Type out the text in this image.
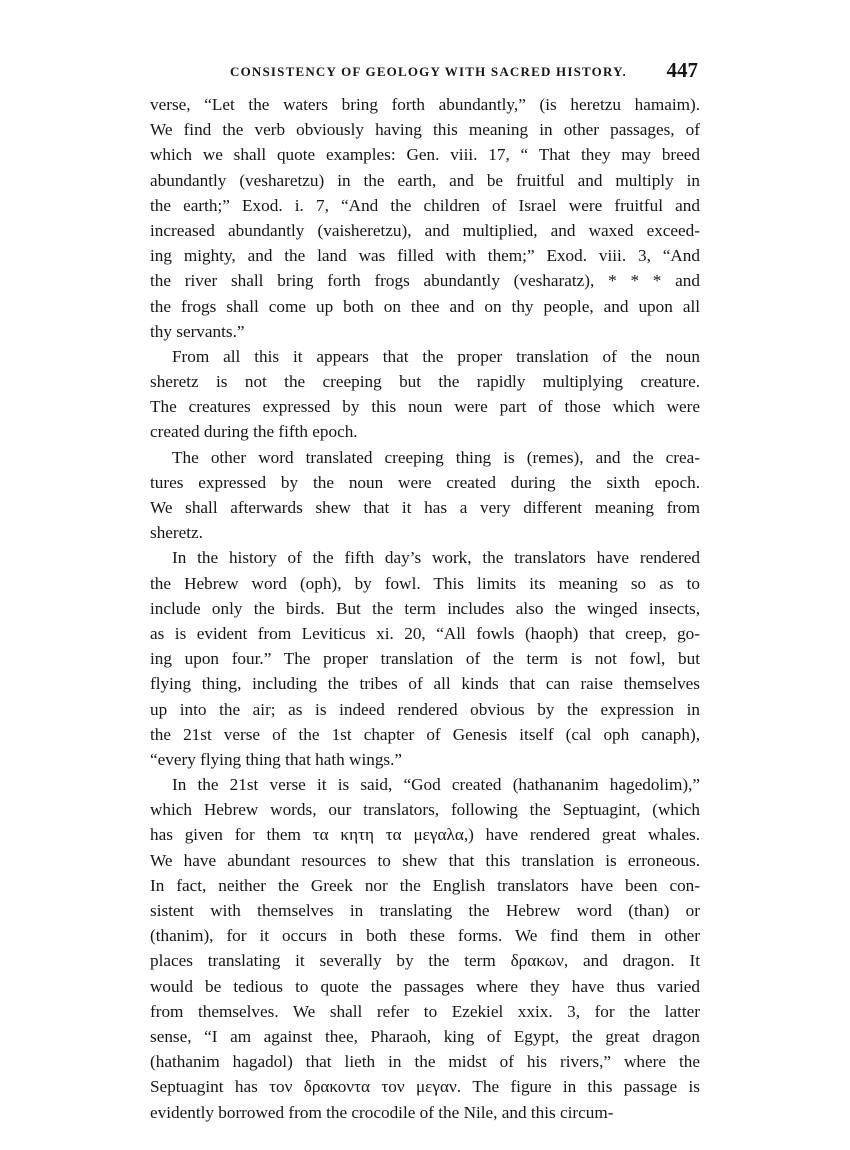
CONSISTENCY OF GEOLOGY WITH SACRED HISTORY. 447
verse, “Let the waters bring forth abundantly,” (is heretzu hamaim).
We find the verb obviously having this meaning in other passages, of
which we shall quote examples: Gen. viii. 17, “ That they may breed
abundantly (vesharetzu) in the earth, and be fruitful and multiply in
the earth;” Exod. i. 7, “And the children of Israel were fruitful and
increased abundantly (vaisheretzu), and multiplied, and waxed exceed-
ing mighty, and the land was filled with them;” Exod. viii. 3, “And
the river shall bring forth frogs abundantly (vesharatz), * * * and
the frogs shall come up both on thee and on thy people, and upon all
thy servants.”
From all this it appears that the proper translation of the noun
sheretz is not the creeping but the rapidly multiplying creature.
The creatures expressed by this noun were part of those which were
created during the fifth epoch.
The other word translated creeping thing is (remes), and the crea-
tures expressed by the noun were created during the sixth epoch.
We shall afterwards shew that it has a very different meaning from
sheretz.
In the history of the fifth day’s work, the translators have rendered
the Hebrew word (oph), by fowl. This limits its meaning so as to
include only the birds. But the term includes also the winged insects,
as is evident from Leviticus xi. 20, “All fowls (haoph) that creep, go-
ing upon four.” The proper translation of the term is not fowl, but
flying thing, including the tribes of all kinds that can raise themselves
up into the air; as is indeed rendered obvious by the expression in
the 21st verse of the 1st chapter of Genesis itself (cal oph canaph),
“every flying thing that hath wings.”
In the 21st verse it is said, “God created (hathananim hagedolim),”
which Hebrew words, our translators, following the Septuagint, (which
has given for them τα κητη τα μεγαλα,) have rendered great whales.
We have abundant resources to shew that this translation is erroneous.
In fact, neither the Greek nor the English translators have been con-
sistent with themselves in translating the Hebrew word (than) or
(thanim), for it occurs in both these forms. We find them in other
places translating it severally by the term δρακων, and dragon. It
would be tedious to quote the passages where they have thus varied
from themselves. We shall refer to Ezekiel xxix. 3, for the latter
sense, “I am against thee, Pharaoh, king of Egypt, the great dragon
(hathanim hagadol) that lieth in the midst of his rivers,” where the
Septuagint has τον δρακοντα τον μεγαν. The figure in this passage is
evidently borrowed from the crocodile of the Nile, and this circum-
